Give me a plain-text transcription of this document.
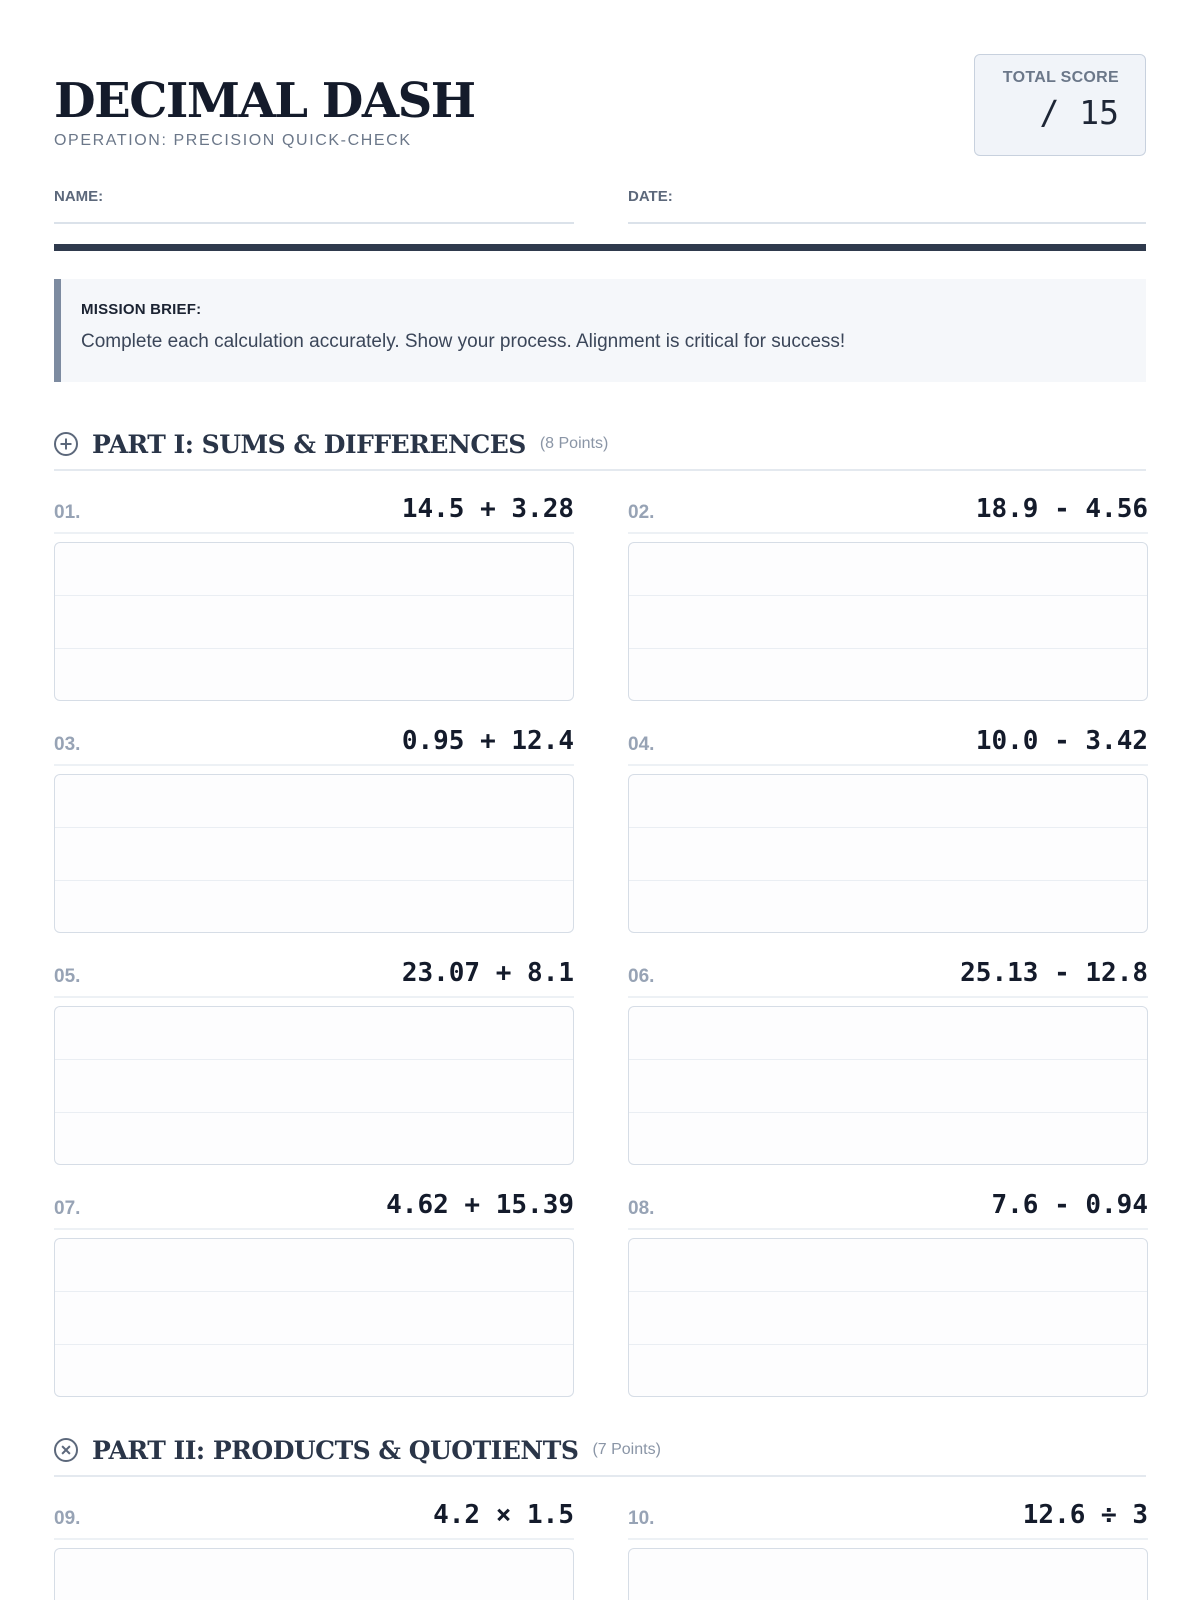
DECIMAL DASH
OPERATION: PRECISION QUICK-CHECK
TOTAL SCORE
/ 15
NAME:	DATE:
MISSION BRIEF:
Complete each calculation accurately. Show your process. Alignment is critical for success!
PART I: SUMS & DIFFERENCES (8 Points)
01.	14.5 + 3.28	02.	18.9 - 4.56
03.	0.95 + 12.4	04.	10.0 - 3.42
05.	23.07 + 8.1	06.	25.13 - 12.8
07.	4.62 + 15.39	08.	7.6 - 0.94
PART II: PRODUCTS & QUOTIENTS (7 Points)
09.	4.2 × 1.5	10.	12.6 ÷ 3
